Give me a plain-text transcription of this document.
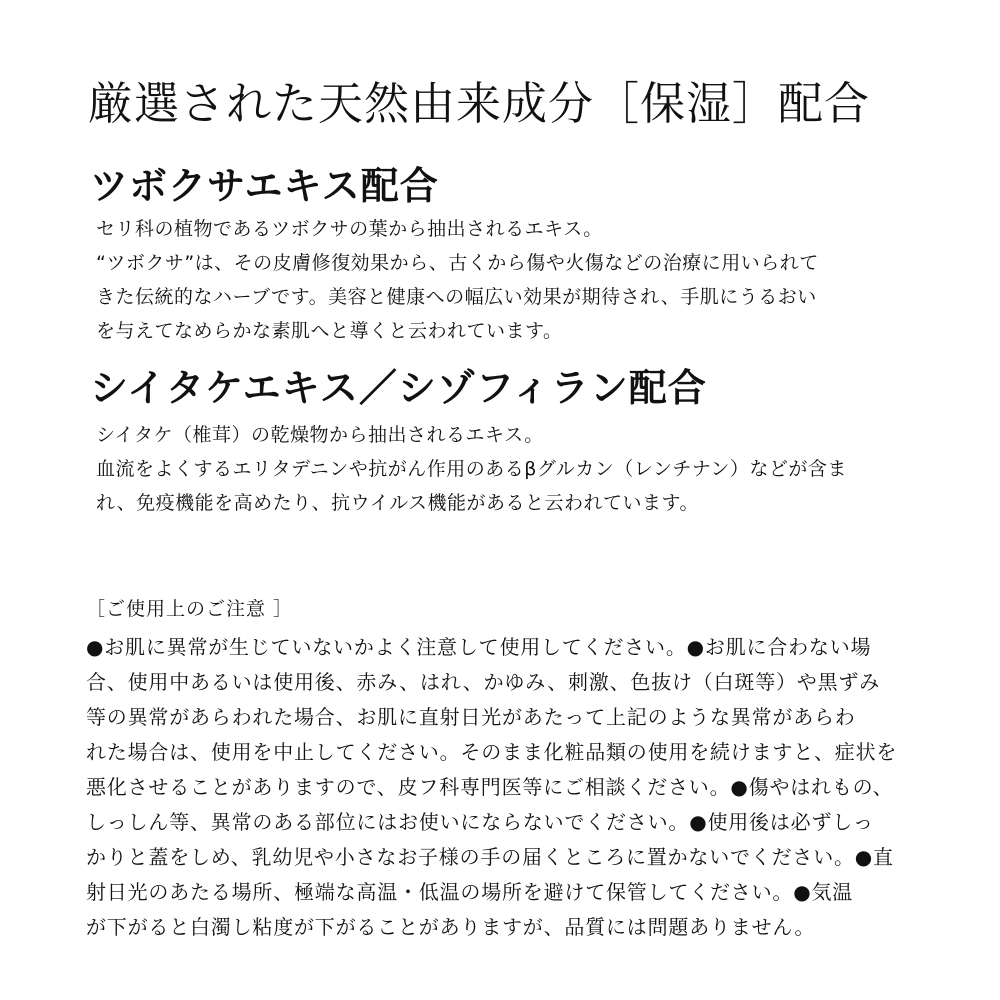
厳選された天然由来成分［保湿］配合
ツボクサエキス配合
セリ科の植物であるツボクサの葉から抽出されるエキス。
“ツボクサ”は、その皮膚修復効果から、古くから傷や火傷などの治療に用いられて
きた伝統的なハーブです。美容と健康への幅広い効果が期待され、手肌にうるおい
を与えてなめらかな素肌へと導くと云われています。
シイタケエキス／シゾフィラン配合
シイタケ（椎茸）の乾燥物から抽出されるエキス。
血流をよくするエリタデニンや抗がん作用のあるβグルカン（レンチナン）などが含ま
れ、免疫機能を高めたり、抗ウイルス機能があると云われています。
［ご使用上のご注意 ］
●お肌に異常が生じていないかよく注意して使用してください。●お肌に合わない場
合、使用中あるいは使用後、赤み、はれ、かゆみ、刺激、色抜け（白斑等）や黒ずみ
等の異常があらわれた場合、お肌に直射日光があたって上記のような異常があらわ
れた場合は、使用を中止してください。そのまま化粧品類の使用を続けますと、症状を
悪化させることがありますので、皮フ科専門医等にご相談ください。●傷やはれもの、
しっしん等、異常のある部位にはお使いにならないでください。●使用後は必ずしっ
かりと蓋をしめ、乳幼児や小さなお子様の手の届くところに置かないでください。●直
射日光のあたる場所、極端な高温・低温の場所を避けて保管してください。●気温
が下がると白濁し粘度が下がることがありますが、品質には問題ありません。
